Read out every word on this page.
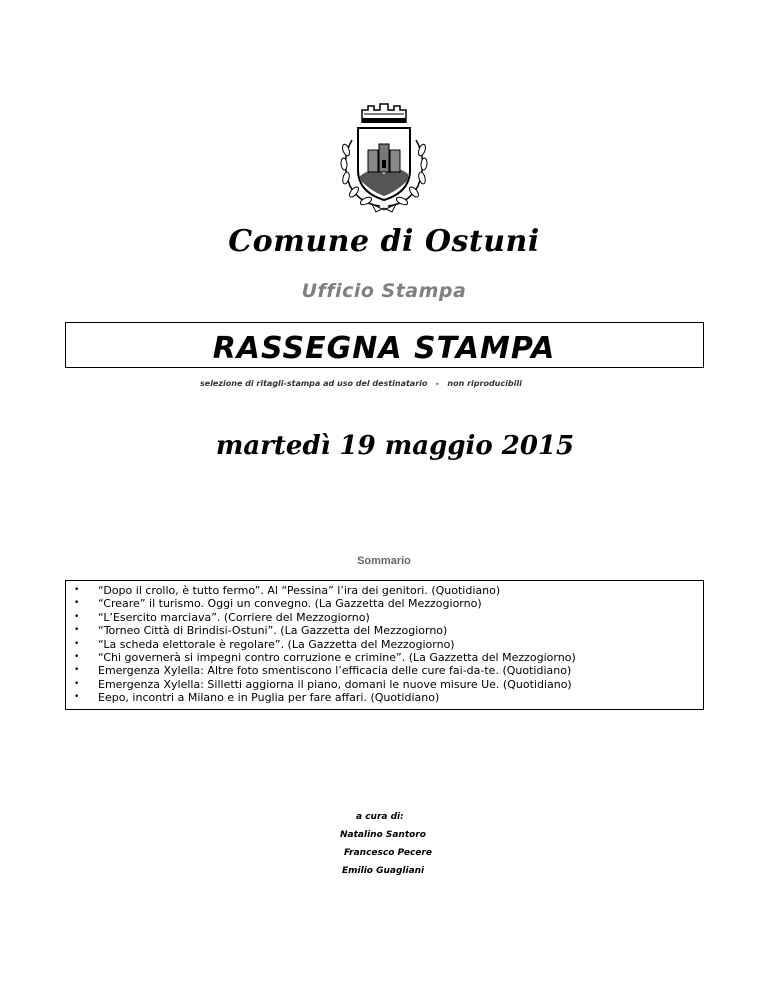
Comune di Ostuni
Ufficio Stampa
RASSEGNA STAMPA
selezione di ritagli-stampa ad uso del destinatario   -   non riproducibili
martedì 19 maggio 2015
Sommario
• “Dopo il crollo, è tutto fermo”. Al “Pessina” l’ira dei genitori. (Quotidiano)
• “Creare” il turismo. Oggi un convegno. (La Gazzetta del Mezzogiorno)
• “L’Esercito marciava”. (Corriere del Mezzogiorno)
• “Torneo Città di Brindisi-Ostuni”. (La Gazzetta del Mezzogiorno)
• “La scheda elettorale è regolare”. (La Gazzetta del Mezzogiorno)
• “Chi governerà si impegni contro corruzione e crimine”. (La Gazzetta del Mezzogiorno)
• Emergenza Xylella: Altre foto smentiscono l’efficacia delle cure fai-da-te. (Quotidiano)
• Emergenza Xylella: Silletti aggiorna il piano, domani le nuove misure Ue. (Quotidiano)
• Eepo, incontri a Milano e in Puglia per fare affari. (Quotidiano)
a cura di:
Natalino Santoro
Francesco Pecere
Emilio Guagliani
